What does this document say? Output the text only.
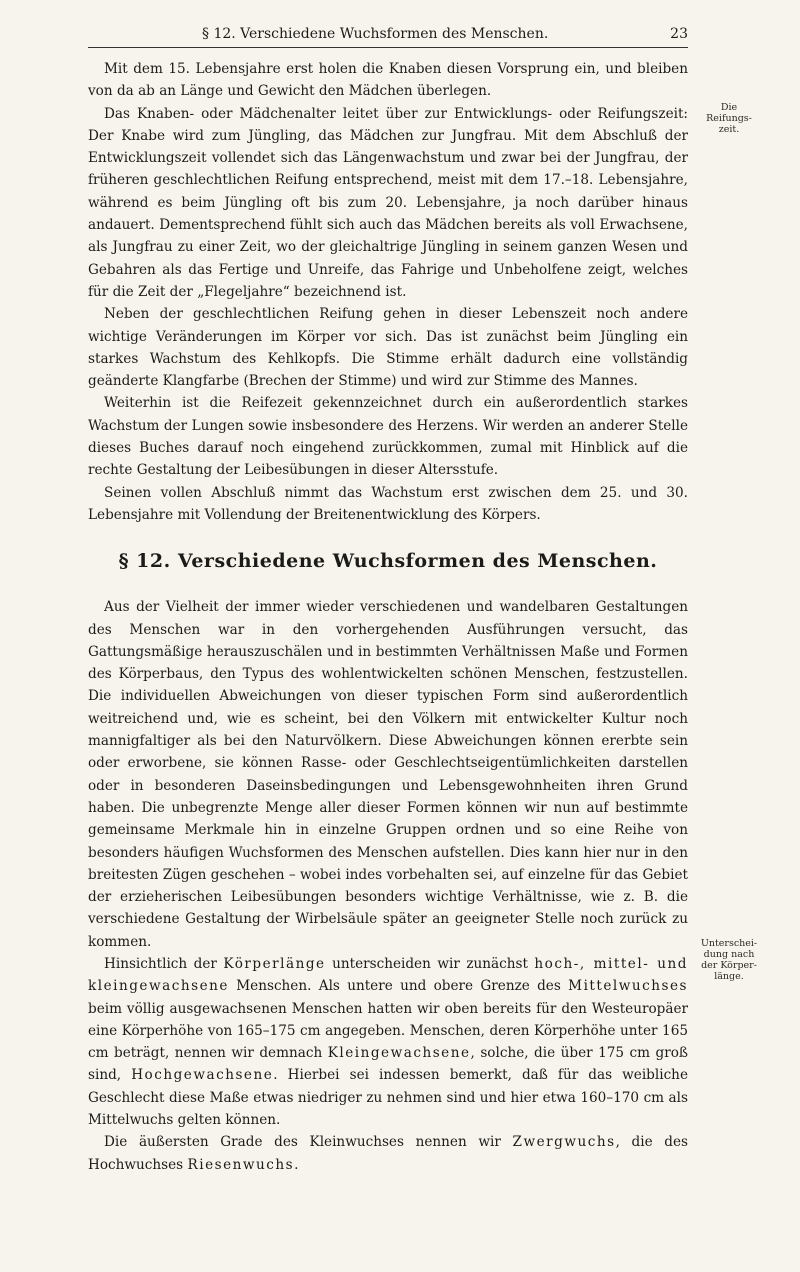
§ 12. Verschiedene Wuchsformen des Menschen.	23

Mit dem 15. Lebensjahre erst holen die Knaben diesen Vorsprung ein, und bleiben von da ab an Länge und Gewicht den Mädchen überlegen.

Das Knaben- oder Mädchenalter leitet über zur Entwicklungs- oder Reifungszeit: Der Knabe wird zum Jüngling, das Mädchen zur Jungfrau. Mit dem Abschluß der Entwicklungszeit vollendet sich das Längenwachstum und zwar bei der Jungfrau, der früheren geschlechtlichen Reifung entsprechend, meist mit dem 17.–18. Lebensjahre, während es beim Jüngling oft bis zum 20. Lebensjahre, ja noch darüber hinaus andauert. Dementsprechend fühlt sich auch das Mädchen bereits als voll Erwachsene, als Jungfrau zu einer Zeit, wo der gleichaltrige Jüngling in seinem ganzen Wesen und Gebahren als das Fertige und Unreife, das Fahrige und Unbeholfene zeigt, welches für die Zeit der „Flegeljahre“ bezeichnend ist.

Neben der geschlechtlichen Reifung gehen in dieser Lebenszeit noch andere wichtige Veränderungen im Körper vor sich. Das ist zunächst beim Jüngling ein starkes Wachstum des Kehlkopfs. Die Stimme erhält dadurch eine vollständig geänderte Klangfarbe (Brechen der Stimme) und wird zur Stimme des Mannes.

Weiterhin ist die Reifezeit gekennzeichnet durch ein außerordentlich starkes Wachstum der Lungen sowie insbesondere des Herzens. Wir werden an anderer Stelle dieses Buches darauf noch eingehend zurückkommen, zumal mit Hinblick auf die rechte Gestaltung der Leibesübungen in dieser Altersstufe.

Seinen vollen Abschluß nimmt das Wachstum erst zwischen dem 25. und 30. Lebensjahre mit Vollendung der Breitenentwicklung des Körpers.

§ 12. Verschiedene Wuchsformen des Menschen.

Aus der Vielheit der immer wieder verschiedenen und wandelbaren Gestaltungen des Menschen war in den vorhergehenden Ausführungen versucht, das Gattungsmäßige herauszuschälen und in bestimmten Verhältnissen Maße und Formen des Körperbaus, den Typus des wohlentwickelten schönen Menschen, festzustellen. Die individuellen Abweichungen von dieser typischen Form sind außerordentlich weitreichend und, wie es scheint, bei den Völkern mit entwickelter Kultur noch mannigfaltiger als bei den Naturvölkern. Diese Abweichungen können ererbte sein oder erworbene, sie können Rasse- oder Geschlechtseigentümlichkeiten darstellen oder in besonderen Daseinsbedingungen und Lebensgewohnheiten ihren Grund haben. Die unbegrenzte Menge aller dieser Formen können wir nun auf bestimmte gemeinsame Merkmale hin in einzelne Gruppen ordnen und so eine Reihe von besonders häufigen Wuchsformen des Menschen aufstellen. Dies kann hier nur in den breitesten Zügen geschehen – wobei indes vorbehalten sei, auf einzelne für das Gebiet der erzieherischen Leibesübungen besonders wichtige Verhältnisse, wie z. B. die verschiedene Gestaltung der Wirbelsäule später an geeigneter Stelle noch zurück zu kommen.

Hinsichtlich der Körperlänge unterscheiden wir zunächst hoch-, mittel- und kleingewachsene Menschen. Als untere und obere Grenze des Mittelwuchses beim völlig ausgewachsenen Menschen hatten wir oben bereits für den Westeuropäer eine Körperhöhe von 165–175 cm angegeben. Menschen, deren Körperhöhe unter 165 cm beträgt, nennen wir demnach Kleingewachsene, solche, die über 175 cm groß sind, Hochgewachsene. Hierbei sei indessen bemerkt, daß für das weibliche Geschlecht diese Maße etwas niedriger zu nehmen sind und hier etwa 160–170 cm als Mittelwuchs gelten können.

Die äußersten Grade des Kleinwuchses nennen wir Zwergwuchs, die des Hochwuchses Riesenwuchs.

Die Reifungs-zeit.
Unterschei-dung nach der Körper-länge.
